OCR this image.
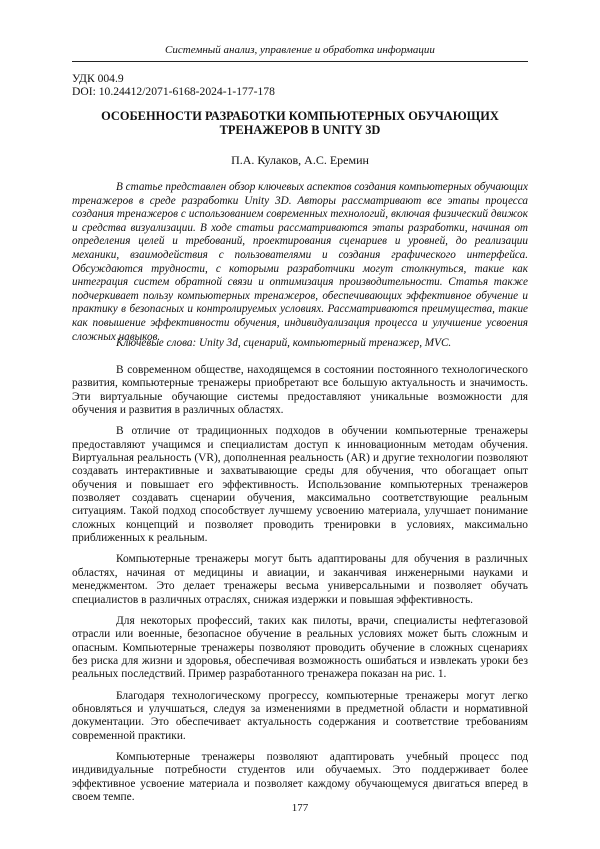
Системный анализ, управление и обработка информации
УДК 004.9
DOI: 10.24412/2071-6168-2024-1-177-178
ОСОБЕННОСТИ РАЗРАБОТКИ КОМПЬЮТЕРНЫХ ОБУЧАЮЩИХ
ТРЕНАЖЕРОВ В UNITY 3D
П.А. Кулаков, А.С. Еремин
В статье представлен обзор ключевых аспектов создания компьютерных обучающих тренажеров в среде разработки Unity 3D. Авторы рассматривают все этапы процесса создания тренажеров с использованием современных технологий, включая физический движок и средства визуализации. В ходе статьи рассматриваются этапы разработки, начиная от определения целей и требований, проектирования сценариев и уровней, до реализации механики, взаимодействия с пользователями и создания графического интерфейса. Обсуждаются трудности, с которыми разработчики могут столкнуться, такие как интеграция систем обратной связи и оптимизация производительности. Статья также подчеркивает пользу компьютерных тренажеров, обеспечивающих эффективное обучение и практику в безопасных и контролируемых условиях. Рассматриваются преимущества, такие как повышение эффективности обучения, индивидуализация процесса и улучшение усвоения сложных навыков.
Ключевые слова: Unity 3d, сценарий, компьютерный тренажер, MVC.

В современном обществе, находящемся в состоянии постоянного технологического развития, компьютерные тренажеры приобретают все большую актуальность и значимость. Эти виртуальные обучающие системы предоставляют уникальные возможности для обучения и развития в различных областях.

В отличие от традиционных подходов в обучении компьютерные тренажеры предоставляют учащимся и специалистам доступ к инновационным методам обучения. Виртуальная реальность (VR), дополненная реальность (AR) и другие технологии позволяют создавать интерактивные и захватывающие среды для обучения, что обогащает опыт обучения и повышает его эффективность. Использование компьютерных тренажеров позволяет создавать сценарии обучения, максимально соответствующие реальным ситуациям. Такой подход способствует лучшему усвоению материала, улучшает понимание сложных концепций и позволяет проводить тренировки в условиях, максимально приближенных к реальным.

Компьютерные тренажеры могут быть адаптированы для обучения в различных областях, начиная от медицины и авиации, и заканчивая инженерными науками и менеджментом. Это делает тренажеры весьма универсальными и позволяет обучать специалистов в различных отраслях, снижая издержки и повышая эффективность.

Для некоторых профессий, таких как пилоты, врачи, специалисты нефтегазовой отрасли или военные, безопасное обучение в реальных условиях может быть сложным и опасным. Компьютерные тренажеры позволяют проводить обучение в сложных сценариях без риска для жизни и здоровья, обеспечивая возможность ошибаться и извлекать уроки без реальных последствий. Пример разработанного тренажера показан на рис. 1.

Благодаря технологическому прогрессу, компьютерные тренажеры могут легко обновляться и улучшаться, следуя за изменениями в предметной области и нормативной документации. Это обеспечивает актуальность содержания и соответствие требованиям современной практики.

Компьютерные тренажеры позволяют адаптировать учебный процесс под индивидуальные потребности студентов или обучаемых. Это поддерживает более эффективное усвоение материала и позволяет каждому обучающемуся двигаться вперед в своем темпе.

177
